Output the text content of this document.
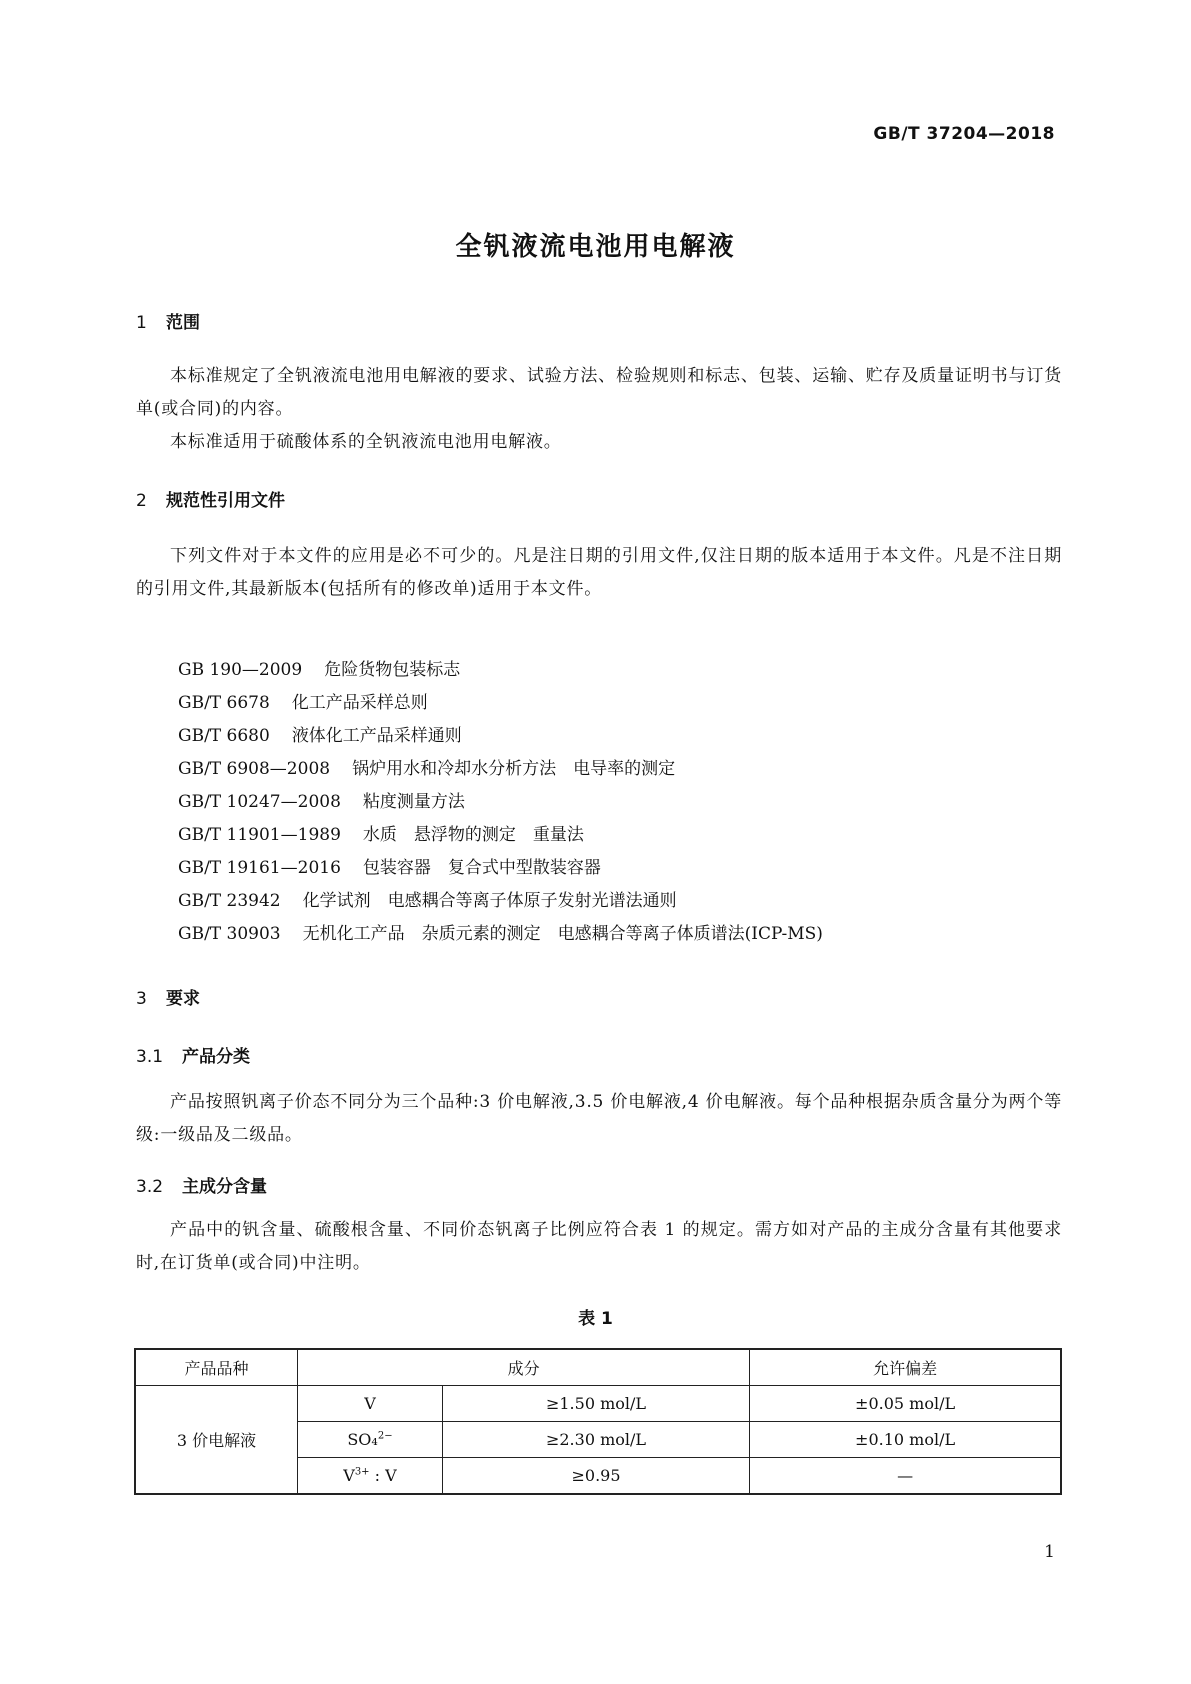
GB/T 37204—2018
全钒液流电池用电解液
1 范围

本标准规定了全钒液流电池用电解液的要求、试验方法、检验规则和标志、包装、运输、贮存及质量证明书与订货单(或合同)的内容。

本标准适用于硫酸体系的全钒液流电池用电解液。

2 规范性引用文件

下列文件对于本文件的应用是必不可少的。凡是注日期的引用文件,仅注日期的版本适用于本文件。凡是不注日期的引用文件,其最新版本(包括所有的修改单)适用于本文件。

GB 190—2009 危险货物包装标志
GB/T 6678 化工产品采样总则
GB/T 6680 液体化工产品采样通则
GB/T 6908—2008 锅炉用水和冷却水分析方法　电导率的测定
GB/T 10247—2008 粘度测量方法
GB/T 11901—1989 水质　悬浮物的测定　重量法
GB/T 19161—2016 包装容器　复合式中型散装容器
GB/T 23942 化学试剂　电感耦合等离子体原子发射光谱法通则
GB/T 30903 无机化工产品　杂质元素的测定　电感耦合等离子体质谱法(ICP-MS)
3 要求
3.1 产品分类

产品按照钒离子价态不同分为三个品种:3 价电解液,3.5 价电解液,4 价电解液。每个品种根据杂质含量分为两个等级:一级品及二级品。

3.2 主成分含量

产品中的钒含量、硫酸根含量、不同价态钒离子比例应符合表 1 的规定。需方如对产品的主成分含量有其他要求时,在订货单(或合同)中注明。

表 1
产品品种	成分		允许偏差
3 价电解液	V	≥1.50 mol/L	±0.05 mol/L
	SO₄$^{2-}$	≥2.30 mol/L	±0.10 mol/L
	$V^{3+}$ : V	≥0.95	—
1
